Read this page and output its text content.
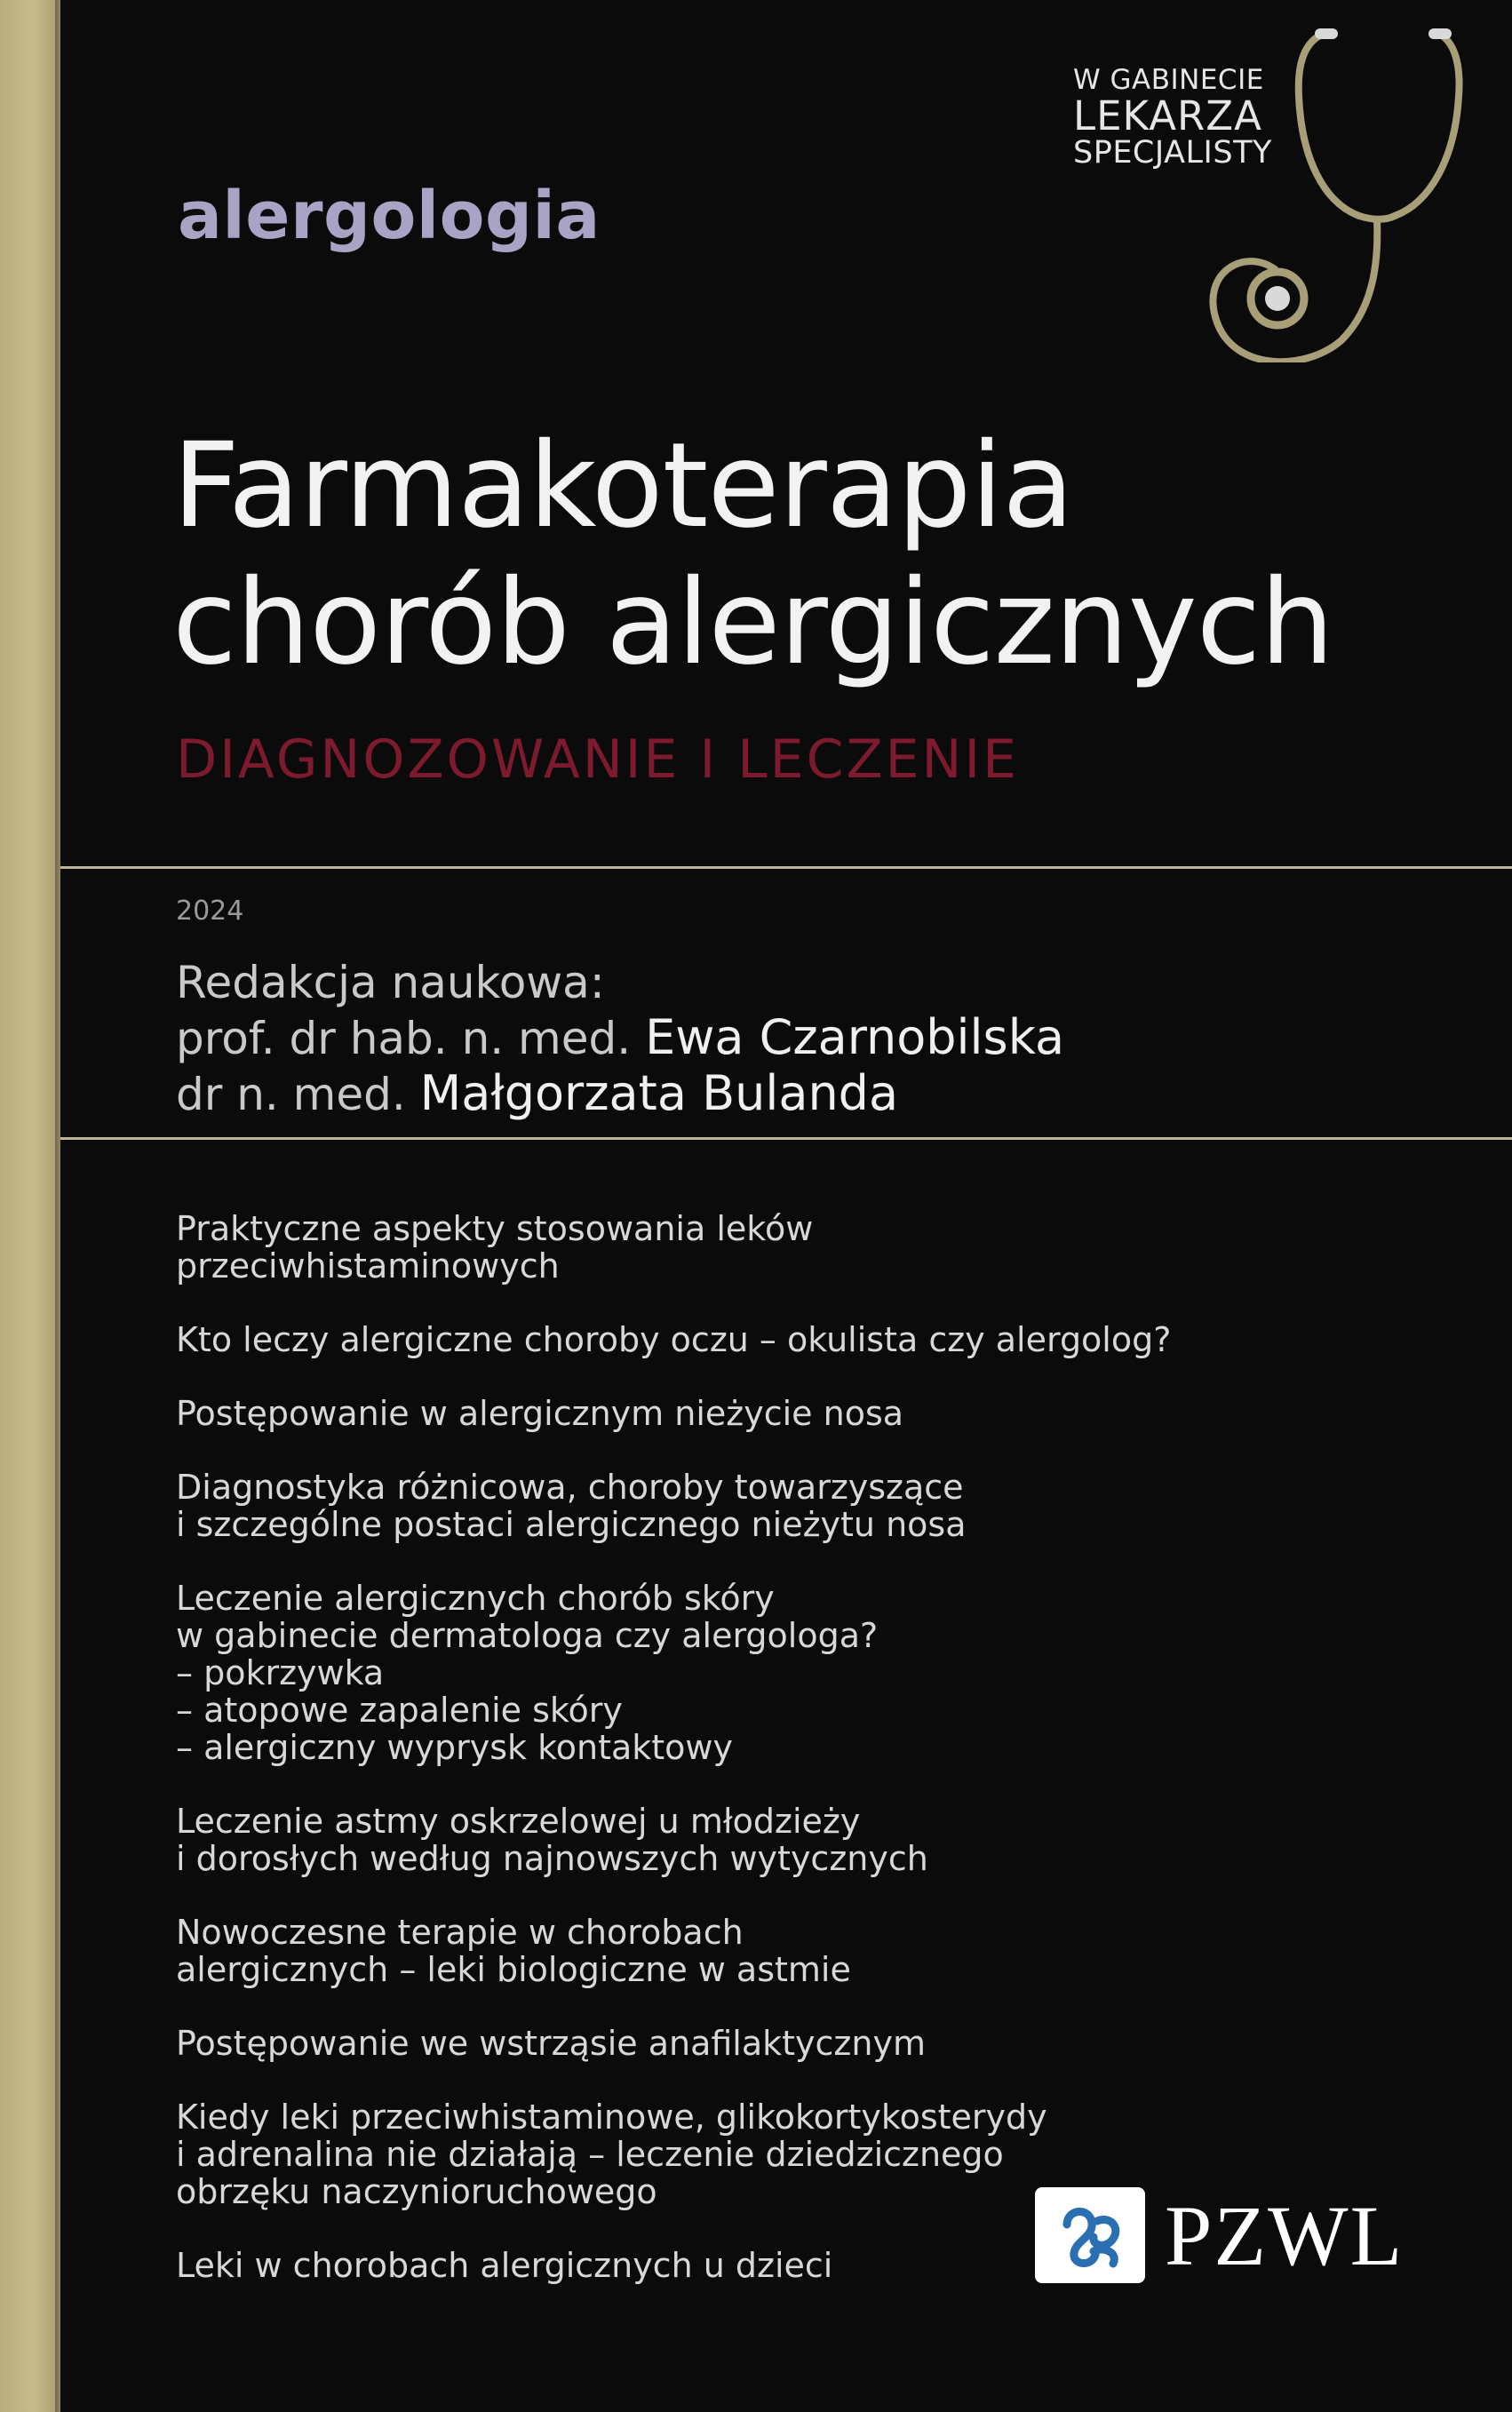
W GABINECIE
LEKARZA
SPECJALISTY
alergologia
Farmakoterapia
chorób alergicznych
DIAGNOZOWANIE I LECZENIE
2024
Redakcja naukowa:
prof. dr hab. n. med. Ewa Czarnobilska
dr n. med. Małgorzata Bulanda
Praktyczne aspekty stosowania leków
przeciwhistaminowych
Kto leczy alergiczne choroby oczu – okulista czy alergolog?
Postępowanie w alergicznym nieżycie nosa
Diagnostyka różnicowa, choroby towarzyszące
i szczególne postaci alergicznego nieżytu nosa
Leczenie alergicznych chorób skóry
w gabinecie dermatologa czy alergologa?
– pokrzywka
– atopowe zapalenie skóry
– alergiczny wyprysk kontaktowy
Leczenie astmy oskrzelowej u młodzieży
i dorosłych według najnowszych wytycznych
Nowoczesne terapie w chorobach
alergicznych – leki biologiczne w astmie
Postępowanie we wstrząsie anafilaktycznym
Kiedy leki przeciwhistaminowe, glikokortykosterydy
i adrenalina nie działają – leczenie dziedzicznego
obrzęku naczynioruchowego
Leki w chorobach alergicznych u dzieci	PZWL
